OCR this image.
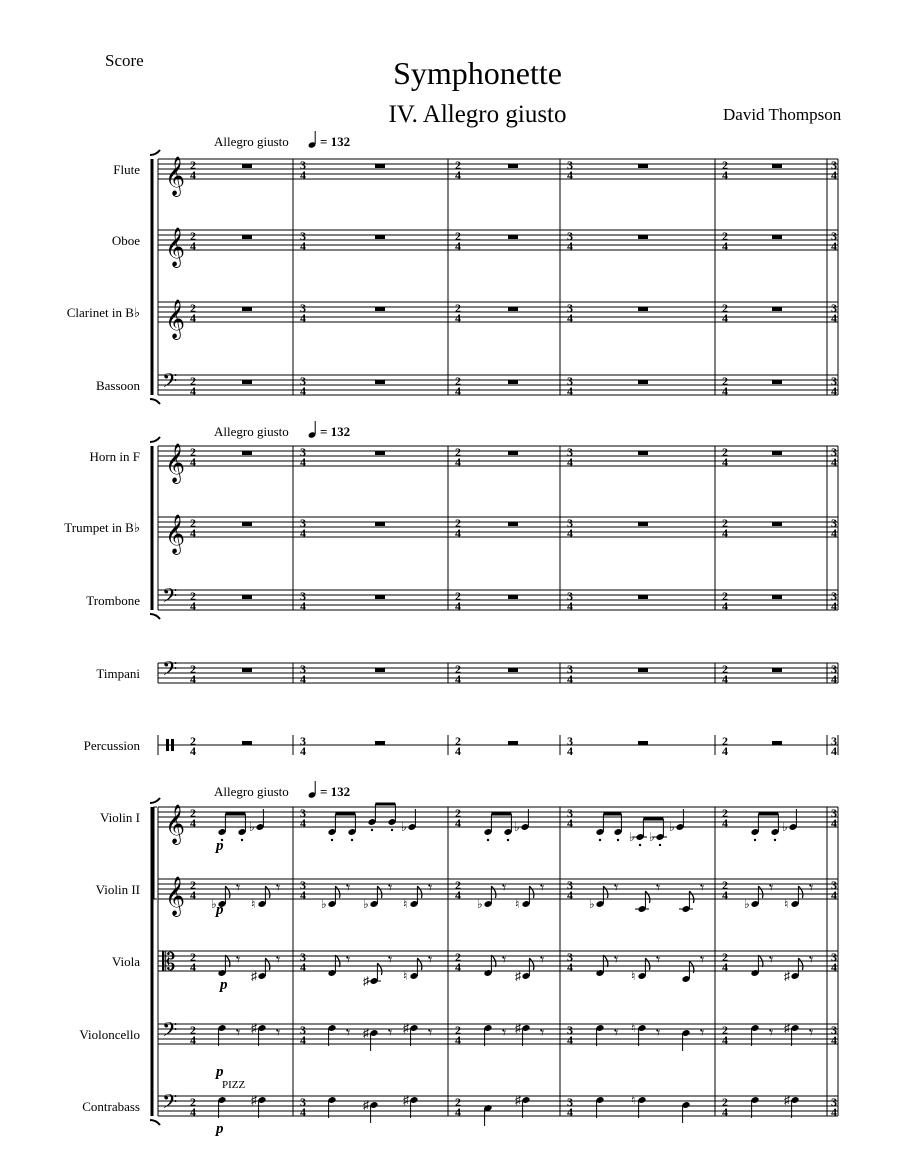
Score	Symphonette
IV. Allegro giusto	David Thompson
Flute 𝄞 2
4
3
4
2
4
3
4
2
4
3
4
Oboe 𝄞 2
4
3
4
2
4
3
4
2
4
3
4
Clarinet in B♭ 𝄞 2
4
3
4
2
4
3
4
2
4
3
4
Bassoon 𝄢 2
4
3
4
2
4
3
4
2
4
3
4
Horn in F 𝄞 2
4
3
4
2
4
3
4
2
4
3
4
Trumpet in B♭ 𝄞 2
4
3
4
2
4
3
4
2
4
3
4
Trombone 𝄢 2
4
3
4
2
4
3
4
2
4
3
4
Timpani 𝄢 2
4
3
4
2
4
3
4
2
4
3
4
Percussion	2
4
3
4
2
4
3
4
2
4
3
4
Violin I 𝄞 2
4
3
4
2
4
3
4
2
4
3
4
Violin II 𝄞 2
4
3
4
2
4
3
4
2
4
3
4
Viola 𝄡 2
4
3
4
2
4
3
4
2
4
3
4
Violoncello 𝄢 2
4
3
4
2
4
3
4
2
4
3
4
Contrabass 𝄢 2
4
3
4
2
4
3
4
2
4
3
4
Allegro giusto = 132
Allegro giusto = 132
Allegro giusto = 132
♭
p
♭	♭
♭ ♭
♭	♭
♭
𝄾
♮
𝄾
♭
𝄾
♭
𝄾
♮
𝄾
♭
𝄾
♮
𝄾
♭
𝄾 𝄾 𝄾
♭
𝄾
♮
𝄾
p
𝄾
♯
𝄾	𝄾
♯
𝄾
♮
𝄾	𝄾
♯
𝄾	𝄾
♮
𝄾 𝄾	𝄾
♯
𝄾
p
𝄾 ♯ 𝄾	𝄾 ♯ 𝄾 ♯ 𝄾	𝄾 ♯ 𝄾	𝄾 ♮ 𝄾 𝄾	𝄾 ♯ 𝄾
p
PIZZ
♯	♯	♯	♯	♮	♯
p
